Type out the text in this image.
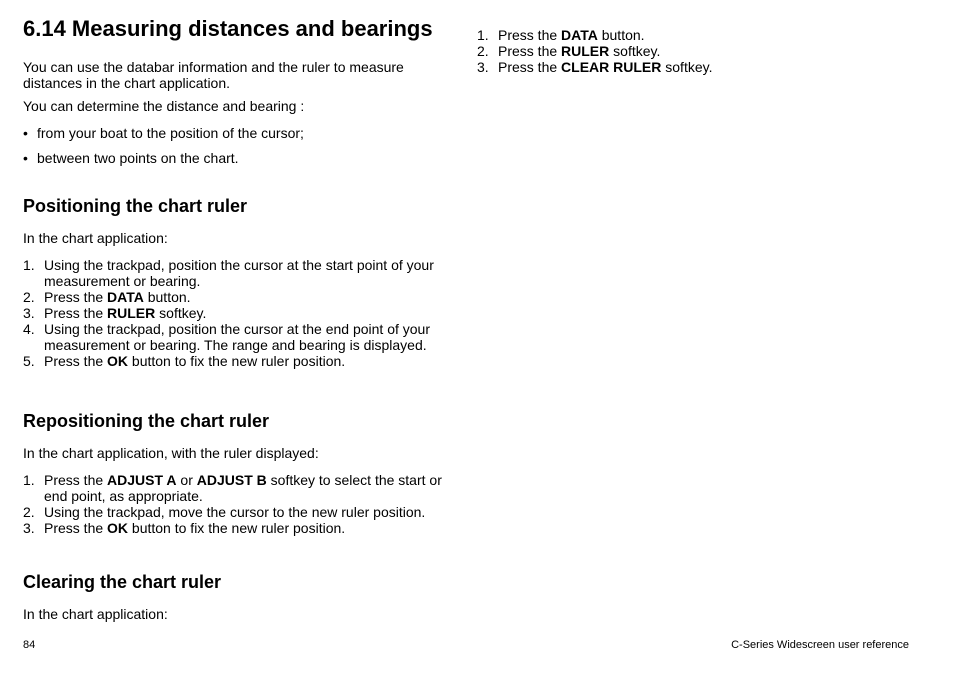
6.14 Measuring distances and bearings

You can use the databar information and the ruler to measure distances in the chart application.

You can determine the distance and bearing :

• from your boat to the position of the cursor;
• between two points on the chart.
Positioning the chart ruler

In the chart application:

1. Using the trackpad, position the cursor at the start point of your measurement or bearing.
2. Press the DATA button.
3. Press the RULER softkey.
4. Using the trackpad, position the cursor at the end point of your measurement or bearing. The range and bearing is displayed.
5. Press the OK button to fix the new ruler position.
Repositioning the chart ruler

In the chart application, with the ruler displayed:

1. Press the ADJUST A or ADJUST B softkey to select the start or end point, as appropriate.
2. Using the trackpad, move the cursor to the new ruler position.
3. Press the OK button to fix the new ruler position.
Clearing the chart ruler

In the chart application:

1. Press the DATA button.
2. Press the RULER softkey.
3. Press the CLEAR RULER softkey.
84	C-Series Widescreen user reference
